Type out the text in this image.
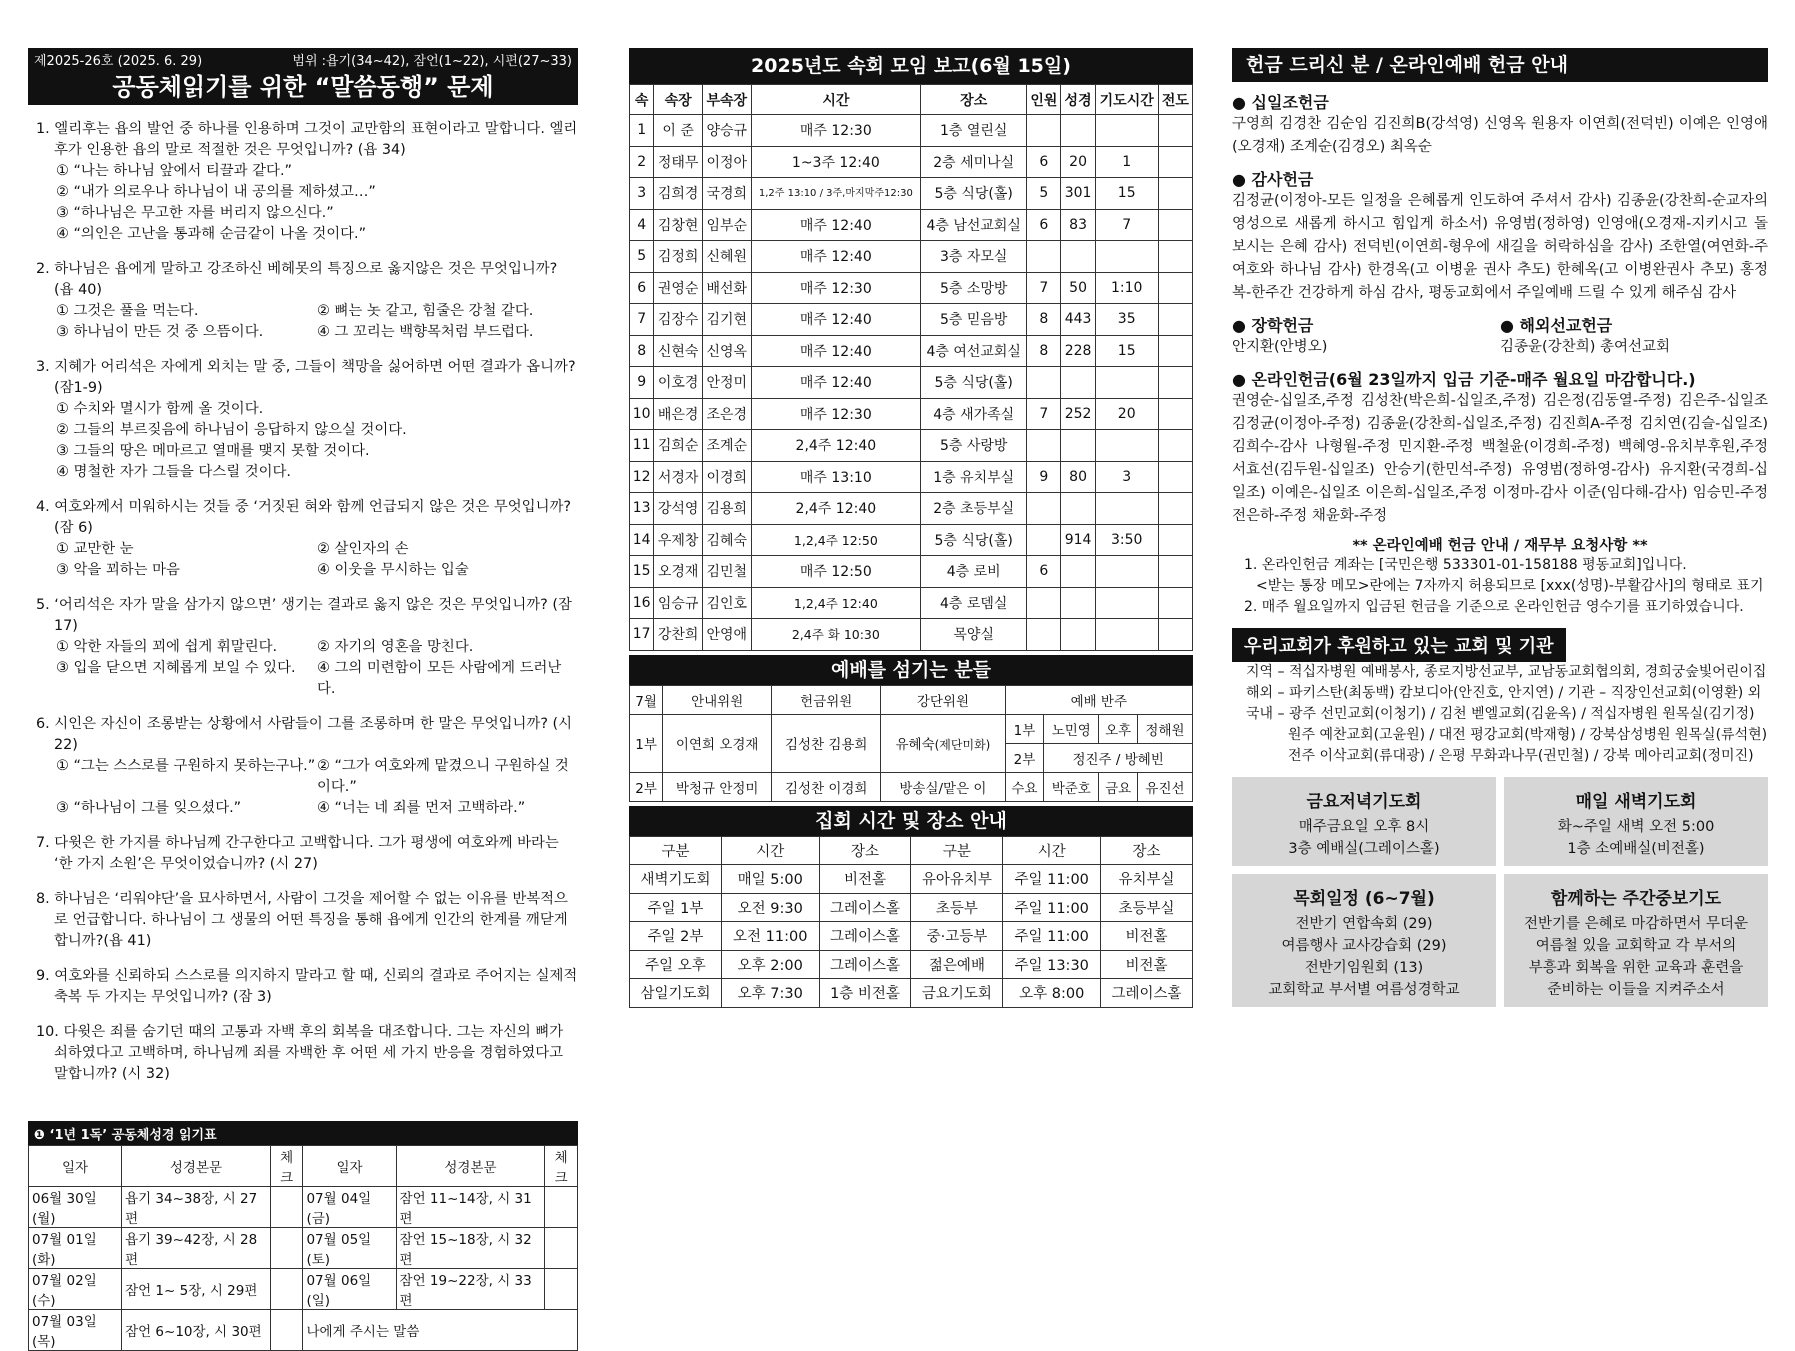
제2025-26호 (2025. 6. 29)	범위 :욥기(34~42), 잠언(1~22), 시편(27~33)
공동체읽기를 위한 “말씀동행” 문제
1. 엘리후는 욥의 발언 중 하나를 인용하며 그것이 교만함의 표현이라고 말합니다. 엘리후가 인용한 욥의 말로 적절한 것은 무엇입니까? (욥 34)
① “나는 하나님 앞에서 티끌과 같다.”
② “내가 의로우나 하나님이 내 공의를 제하셨고…”
③ “하나님은 무고한 자를 버리지 않으신다.”
④ “의인은 고난을 통과해 순금같이 나올 것이다.”
2. 하나님은 욥에게 말하고 강조하신 베헤못의 특징으로 옳지않은 것은 무엇입니까? (욥 40)
① 그것은 풀을 먹는다.	② 뼈는 놋 같고, 힘줄은 강철 같다.
③ 하나님이 만든 것 중 으뜸이다.	④ 그 꼬리는 백향목처럼 부드럽다.
3. 지혜가 어리석은 자에게 외치는 말 중, 그들이 책망을 싫어하면 어떤 결과가 옵니까? (잠1-9)
① 수치와 멸시가 함께 올 것이다.
② 그들의 부르짖음에 하나님이 응답하지 않으실 것이다.
③ 그들의 땅은 메마르고 열매를 맺지 못할 것이다.
④ 명철한 자가 그들을 다스릴 것이다.
4. 여호와께서 미워하시는 것들 중 ‘거짓된 혀와 함께 언급되지 않은 것은 무엇입니까? (잠 6)
① 교만한 눈	② 살인자의 손
③ 악을 꾀하는 마음	④ 이웃을 무시하는 입술
5. ‘어리석은 자가 말을 삼가지 않으면’ 생기는 결과로 옳지 않은 것은 무엇입니까? (잠 17)
① 악한 자들의 꾀에 쉽게 휘말린다.	② 자기의 영혼을 망친다.
③ 입을 닫으면 지혜롭게 보일 수 있다.	④ 그의 미련함이 모든 사람에게 드러난다.
6. 시인은 자신이 조롱받는 상황에서 사람들이 그를 조롱하며 한 말은 무엇입니까? (시 22)
① “그는 스스로를 구원하지 못하는구나.” ② “그가 여호와께 맡겼으니 구원하실 것이다.”
③ “하나님이 그를 잊으셨다.”	④ “너는 네 죄를 먼저 고백하라.”
7. 다윗은 한 가지를 하나님께 간구한다고 고백합니다. 그가 평생에 여호와께 바라는 ‘한 가지 소원’은 무엇이었습니까? (시 27)
8. 하나님은 ‘리워야단’을 묘사하면서, 사람이 그것을 제어할 수 없는 이유를 반복적으로 언급합니다. 하나님이 그 생물의 어떤 특징을 통해 욥에게 인간의 한계를 깨닫게 합니까?(욥 41)
9. 여호와를 신뢰하되 스스로를 의지하지 말라고 할 때, 신뢰의 결과로 주어지는 실제적 축복 두 가지는 무엇입니까? (잠 3)
10. 다윗은 죄를 숨기던 때의 고통과 자백 후의 회복을 대조합니다. 그는 자신의 뼈가 쇠하였다고 고백하며, 하나님께 죄를 자백한 후 어떤 세 가지 반응을 경험하였다고 말합니까? (시 32)
❶ ‘1년 1독’ 공동체성경 읽기표
일자	성경본문	체크	일자	성경본문	체크
06월 30일(월)	욥기 34~38장, 시 27편		07월 04일(금)	잠언 11~14장, 시 31편	
07월 01일(화)	욥기 39~42장, 시 28편		07월 05일(토)	잠언 15~18장, 시 32편	
07월 02일(수)	잠언 1~ 5장, 시 29편		07월 06일(일)	잠언 19~22장, 시 33편	
07월 03일(목)	잠언 6~10장, 시 30편		나에게 주시는 말씀		
2025년도 속회 모임 보고(6월 15일)
속	속장	부속장	시간	장소	인원	성경	기도시간	전도
1	이 준	양승규	매주 12:30	1층 열린실				
2	정태무	이정아	1~3주 12:40	2층 세미나실	6	20	1	
3	김희경	국경희	1,2주 13:10 / 3주,마지막주12:30	5층 식당(홀)	5	301	15	
4	김창현	임부순	매주 12:40	4층 남선교회실	6	83	7	
5	김정희	신혜원	매주 12:40	3층 자모실				
6	권영순	배선화	매주 12:30	5층 소망방	7	50	1:10	
7	김장수	김기현	매주 12:40	5층 믿음방	8	443	35	
8	신현숙	신영옥	매주 12:40	4층 여선교회실	8	228	15	
9	이호경	안정미	매주 12:40	5층 식당(홀)				
10	배은경	조은경	매주 12:30	4층 새가족실	7	252	20	
11	김희순	조계순	2,4주 12:40	5층 사랑방				
12	서경자	이경희	매주 13:10	1층 유치부실	9	80	3	
13	강석영	김용희	2,4주 12:40	2층 초등부실				
14	우제창	김혜숙	1,2,4주 12:50	5층 식당(홀)		914	3:50	
15	오경재	김민철	매주 12:50	4층 로비	6			
16	임승규	김인호	1,2,4주 12:40	4층 로뎀실				
17	강찬희	안영애	2,4주 화 10:30	목양실				
예배를 섬기는 분들
7월	안내위원	헌금위원	강단위원	예배 반주			
1부	이연희 오경재	김성찬 김용희	유혜숙(제단미화)	1부	노민영	오후	정해원
				2부	정진주 / 방혜빈		
2부	박청규 안정미	김성찬 이경희	방송실/맡은 이	수요	박준호	금요	유진선
집회 시간 및 장소 안내
구분	시간	장소	구분	시간	장소
새벽기도회	매일 5:00	비전홀	유아유치부	주일 11:00	유치부실
주일 1부	오전 9:30	그레이스홀	초등부	주일 11:00	초등부실
주일 2부	오전 11:00	그레이스홀	중·고등부	주일 11:00	비전홀
주일 오후	오후 2:00	그레이스홀	젊은예배	주일 13:30	비전홀
삼일기도회	오후 7:30	1층 비전홀	금요기도회	오후 8:00	그레이스홀
헌금 드리신 분 / 온라인예배 헌금 안내
● 십일조헌금
구영희 김경찬 김순임 김진희B(강석영) 신영옥 원용자 이연희(전덕빈) 이예은 인영애(오경재) 조계순(김경오) 최옥순
● 감사헌금
김정균(이정아-모든 일정을 은혜롭게 인도하여 주셔서 감사) 김종윤(강찬희-순교자의 영성으로 새롭게 하시고 힘입게 하소서) 유영범(정하영) 인영애(오경재-지키시고 돌보시는 은혜 감사) 전덕빈(이연희-형우에 새길을 허락하심을 감사) 조한열(여연화-주 여호와 하나님 감사) 한경옥(고 이병윤 권사 추도) 한혜옥(고 이병완권사 추모) 홍정복-한주간 건강하게 하심 감사, 평동교회에서 주일예배 드릴 수 있게 해주심 감사
● 장학헌금
안지환(안병오)
● 해외선교헌금
김종윤(강찬희) 총여선교회
● 온라인헌금(6월 23일까지 입금 기준-매주 월요일 마감합니다.)
권영순-십일조,주정 김성찬(박은희-십일조,주정) 김은정(김동열-주정) 김은주-십일조 김정균(이정아-주정) 김종윤(강찬희-십일조,주정) 김진희A-주정 김치연(김슬-십일조) 김희수-감사 나형월-주정 민지환-주정 백철윤(이경희-주정) 백혜영-유치부후원,주정 서효선(김두원-십일조) 안승기(한민석-주정) 유영범(정하영-감사) 유지환(국경희-십일조) 이예은-십일조 이은희-십일조,주정 이정마-감사 이준(임다해-감사) 임승민-주정 전은하-주정 채윤화-주정
** 온라인예배 헌금 안내 / 재무부 요청사항 **
1. 온라인헌금 계좌는 [국민은행 533301-01-158188 평동교회]입니다.
<받는 통장 메모>란에는 7자까지 허용되므로 [xxx(성명)-부활감사]의 형태로 표기
2. 매주 월요일까지 입금된 헌금을 기준으로 온라인헌금 영수기를 표기하였습니다.
우리교회가 후원하고 있는 교회 및 기관
지역 – 적십자병원 예배봉사, 종로지방선교부, 교남동교회협의회, 경희궁숲빛어린이집
해외 – 파키스탄(최동백) 캄보디아(안진호, 안지연) / 기관 – 직장인선교회(이영환) 외
국내 – 광주 선민교회(이청기) / 김천 벧엘교회(김윤옥) / 적십자병원 원목실(김기정)
원주 예찬교회(고윤원) / 대전 평강교회(박재형) / 강북삼성병원 원목실(류석현)
전주 이삭교회(류대광) / 은평 무화과나무(권민철) / 강북 메아리교회(정미진)
금요저녁기도회
매주금요일 오후 8시
3층 예배실(그레이스홀)
매일 새벽기도회
화~주일 새벽 오전 5:00
1층 소예배실(비전홀)
목회일정 (6~7월)
전반기 연합속회 (29)
여름행사 교사강습회 (29)
전반기임원회 (13)
교회학교 부서별 여름성경학교
함께하는 주간중보기도
전반기를 은혜로 마감하면서 무더운
여름철 있을 교회학교 각 부서의
부흥과 회복을 위한 교육과 훈련을
준비하는 이들을 지켜주소서
